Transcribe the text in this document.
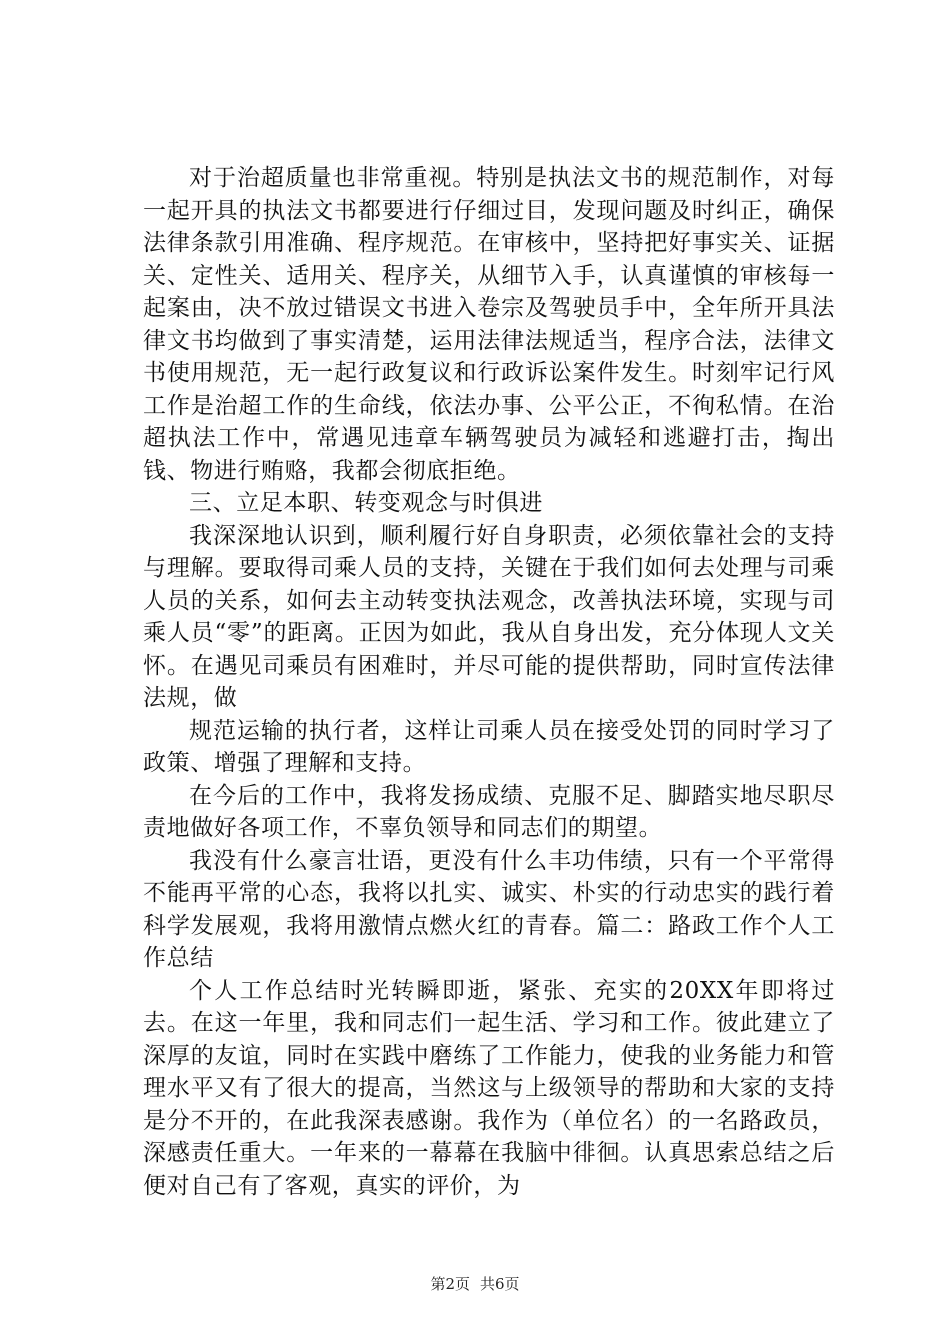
对于治超质量也非常重视。特别是执法文书的规范制作，对每一起开具的执法文书都要进行仔细过目，发现问题及时纠正，确保法律条款引用准确、程序规范。在审核中，坚持把好事实关、证据关、定性关、适用关、程序关，从细节入手，认真谨慎的审核每一起案由，决不放过错误文书进入卷宗及驾驶员手中，全年所开具法律文书均做到了事实清楚，运用法律法规适当，程序合法，法律文书使用规范，无一起行政复议和行政诉讼案件发生。时刻牢记行风工作是治超工作的生命线，依法办事、公平公正，不徇私情。在治超执法工作中，常遇见违章车辆驾驶员为减轻和逃避打击，掏出钱、物进行贿赂，我都会彻底拒绝。

三、立足本职、转变观念与时俱进

我深深地认识到，顺利履行好自身职责，必须依靠社会的支持与理解。要取得司乘人员的支持，关键在于我们如何去处理与司乘人员的关系，如何去主动转变执法观念，改善执法环境，实现与司乘人员“零”的距离。正因为如此，我从自身出发，充分体现人文关怀。在遇见司乘员有困难时，并尽可能的提供帮助，同时宣传法律法规，做

规范运输的执行者，这样让司乘人员在接受处罚的同时学习了政策、增强了理解和支持。

在今后的工作中，我将发扬成绩、克服不足、脚踏实地尽职尽责地做好各项工作，不辜负领导和同志们的期望。

我没有什么豪言壮语，更没有什么丰功伟绩，只有一个平常得不能再平常的心态，我将以扎实、诚实、朴实的行动忠实的践行着科学发展观，我将用激情点燃火红的青春。篇二：路政工作个人工作总结

个人工作总结时光转瞬即逝，紧张、充实的20XX年即将过去。在这一年里，我和同志们一起生活、学习和工作。彼此建立了深厚的友谊，同时在实践中磨练了工作能力，使我的业务能力和管理水平又有了很大的提高，当然这与上级领导的帮助和大家的支持是分不开的，在此我深表感谢。我作为（单位名）的一名路政员，深感责任重大。一年来的一幕幕在我脑中徘徊。认真思索总结之后便对自己有了客观，真实的评价，为

第2页 共6页
